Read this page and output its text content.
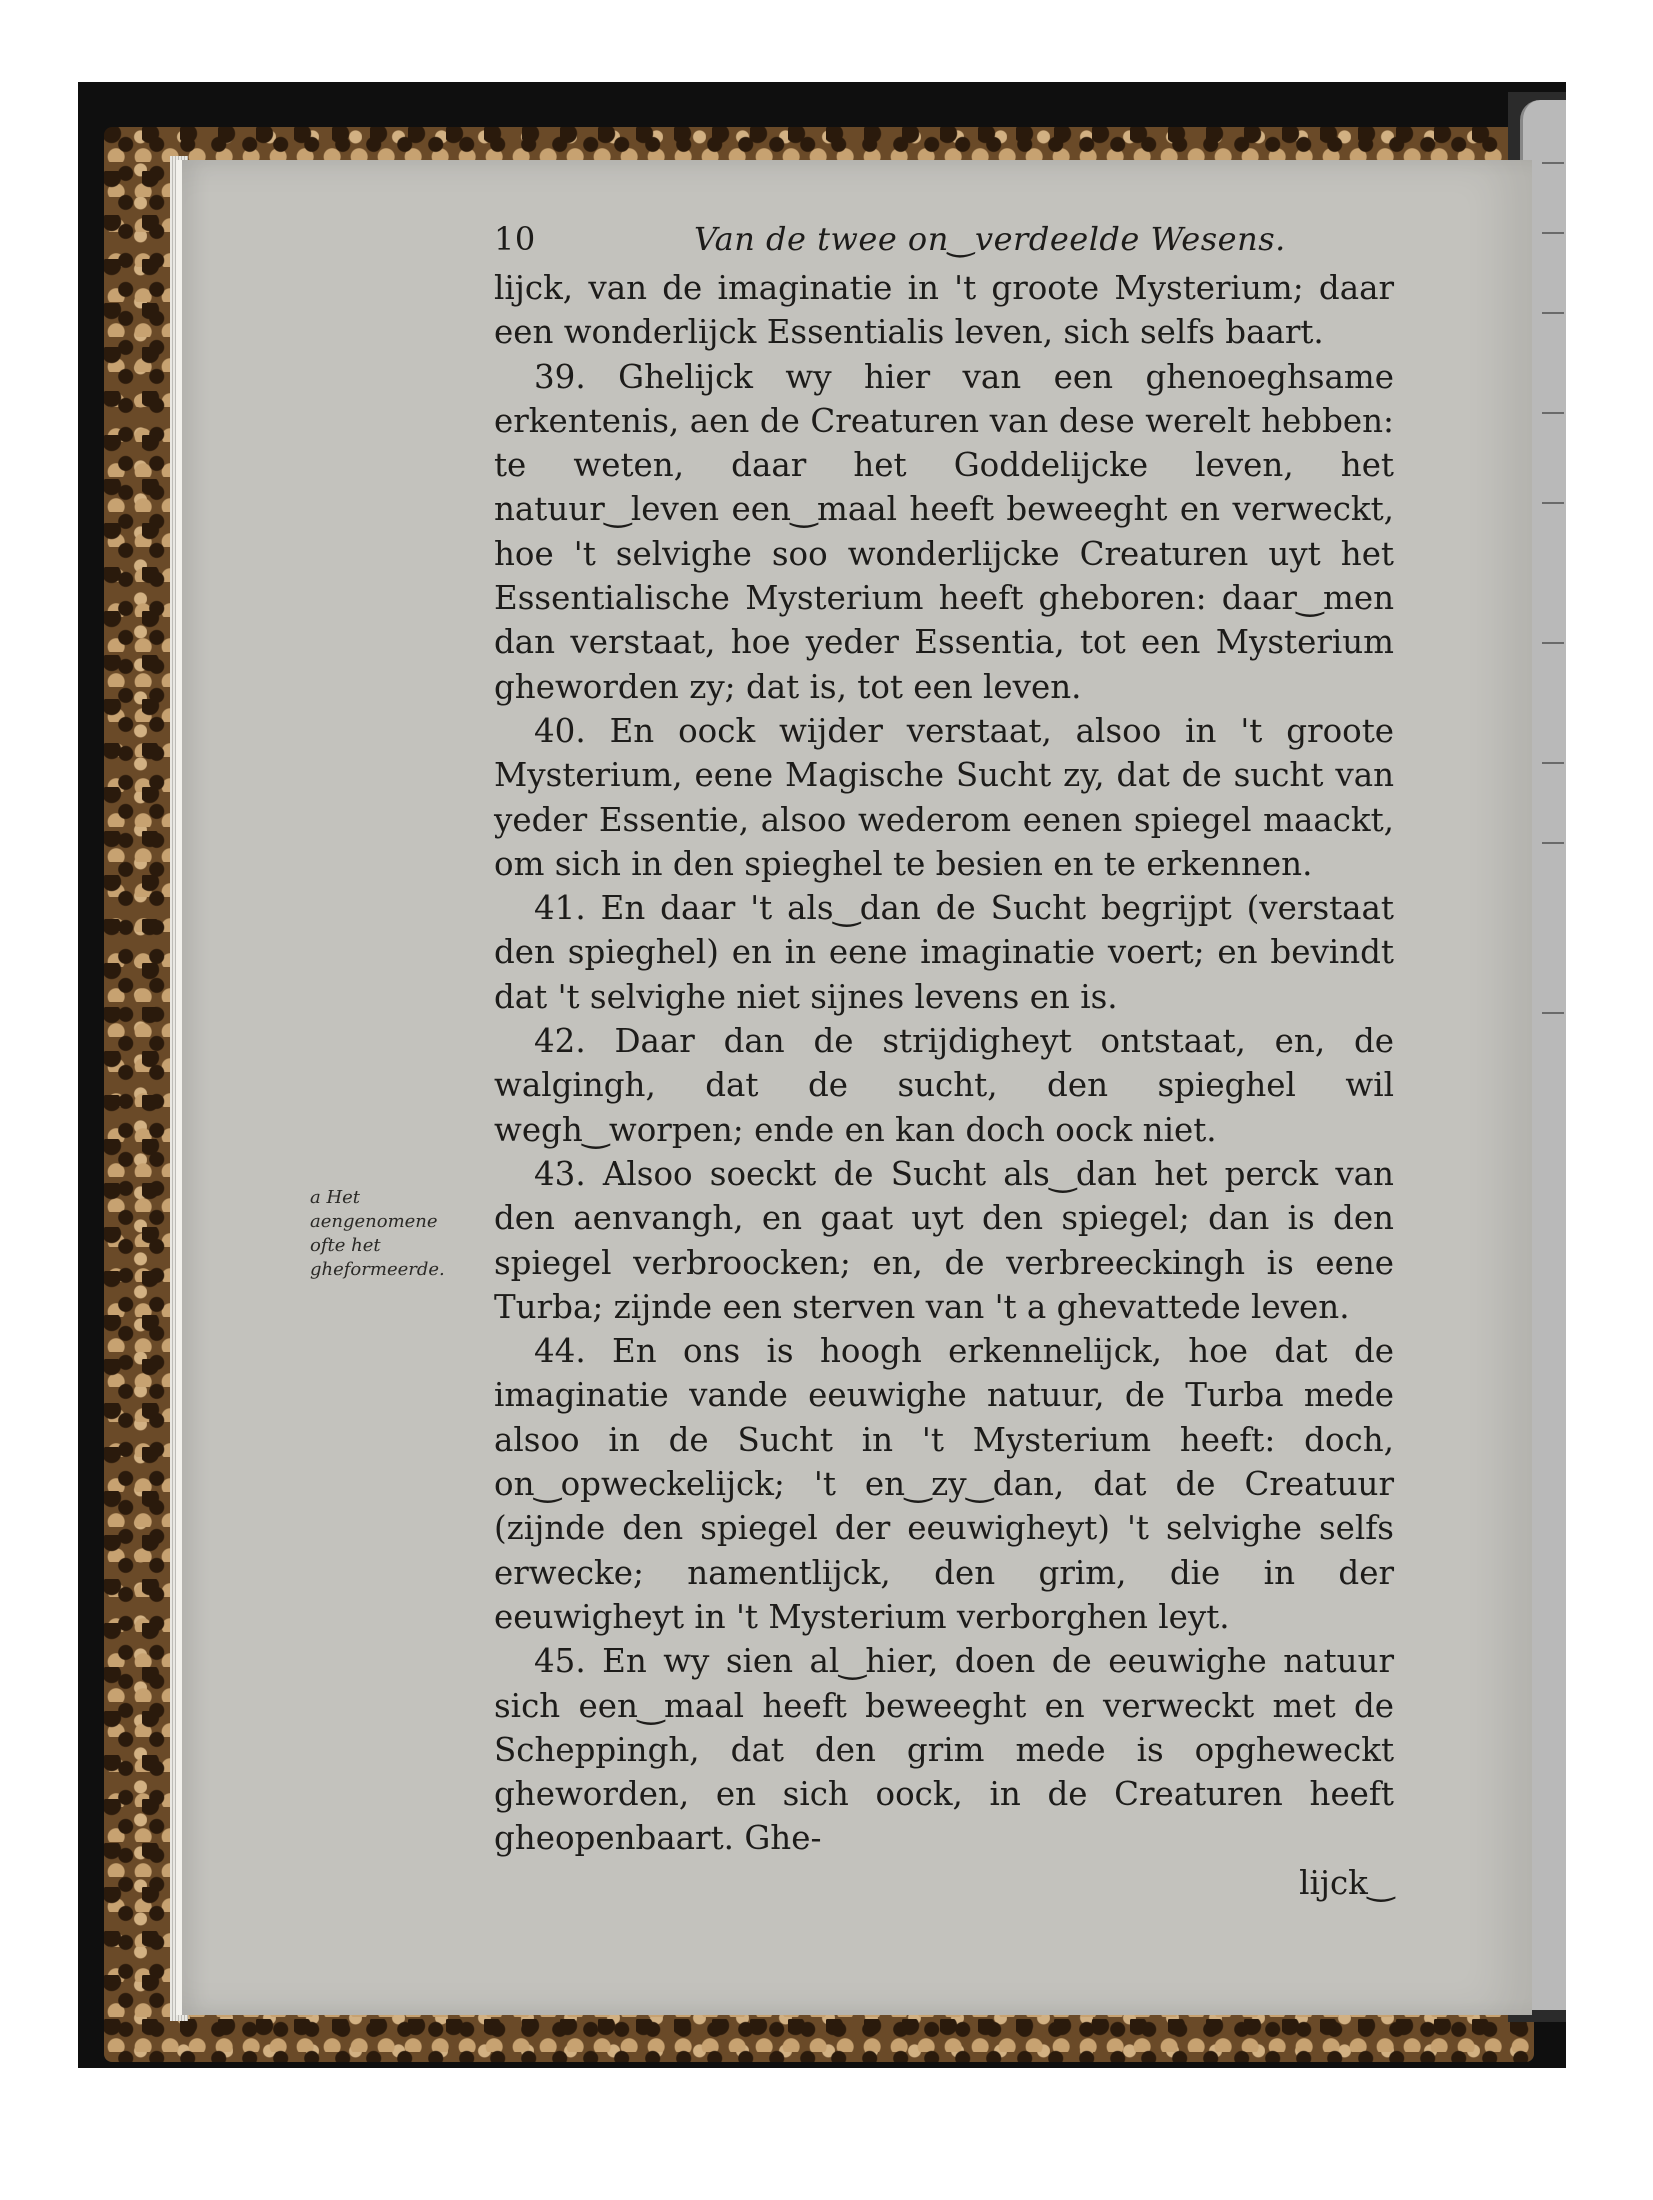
10	Van de twee on‿verdeelde Wesens.

lijck, van de imaginatie in 't groote Mysterium; daar een wonderlijck Essentialis leven, sich selfs baart.

39. Ghelijck wy hier van een ghenoeghsame erkentenis, aen de Creaturen van dese werelt hebben: te weten, daar het Goddelijcke leven, het natuur‿leven een‿maal heeft beweeght en verweckt, hoe 't selvighe soo wonderlijcke Creaturen uyt het Essentialische Mysterium heeft gheboren: daar‿men dan verstaat, hoe yeder Essentia, tot een Mysterium gheworden zy; dat is, tot een leven.

40. En oock wijder verstaat, alsoo in 't groote Mysterium, eene Magische Sucht zy, dat de sucht van yeder Essentie, alsoo wederom eenen spiegel maackt, om sich in den spieghel te besien en te erkennen.

41. En daar 't als‿dan de Sucht begrijpt (verstaat den spieghel) en in eene imaginatie voert; en bevindt dat 't selvighe niet sijnes levens en is.

42. Daar dan de strijdigheyt ontstaat, en, de walgingh, dat de sucht, den spieghel wil wegh‿worpen; ende en kan doch oock niet.

43. Alsoo soeckt de Sucht als‿dan het perck van den aenvangh, en gaat uyt den spiegel; dan is den spiegel verbroocken; en, de verbreeckingh is eene Turba; zijnde een sterven van 't a ghevattede leven.

44. En ons is hoogh erkennelijck, hoe dat de imaginatie vande eeuwighe natuur, de Turba mede alsoo in de Sucht in 't Mysterium heeft: doch, on‿opweckelijck; 't en‿zy‿dan, dat de Creatuur (zijnde den spiegel der eeuwigheyt) 't selvighe selfs erwecke; namentlijck, den grim, die in der eeuwigheyt in 't Mysterium verborghen leyt.

45. En wy sien al‿hier, doen de eeuwighe natuur sich een‿maal heeft beweeght en verweckt met de Scheppingh, dat den grim mede is opgheweckt gheworden, en sich oock, in de Creaturen heeft gheopenbaart. Ghe-

lijck‿
a Het aengenomene ofte het gheformeerde.
Early European Books, Copyright © 2011 ProQuest LLC.
Images reproduced by courtesy of Koninklijke Bibliotheek, Den Haag.
236 N 8 [1]
